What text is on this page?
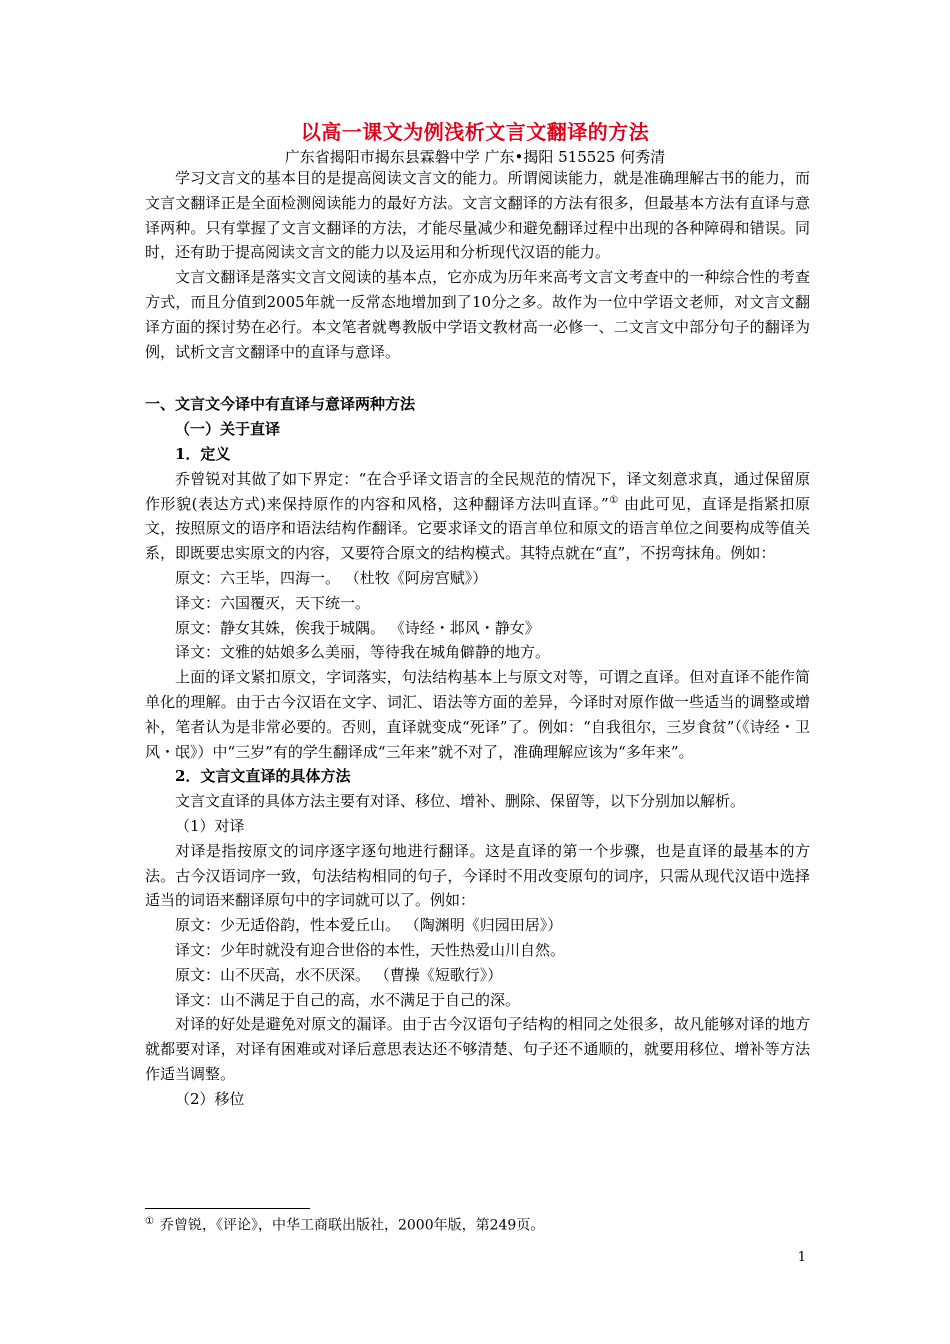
以高一课文为例浅析文言文翻译的方法
广东省揭阳市揭东县霖磐中学 广东•揭阳 515525 何秀清

学习文言文的基本目的是提高阅读文言文的能力。所谓阅读能力，就是准确理解古书的能力，而文言文翻译正是全面检测阅读能力的最好方法。文言文翻译的方法有很多，但最基本方法有直译与意译两种。只有掌握了文言文翻译的方法，才能尽量减少和避免翻译过程中出现的各种障碍和错误。同时，还有助于提高阅读文言文的能力以及运用和分析现代汉语的能力。

文言文翻译是落实文言文阅读的基本点，它亦成为历年来高考文言文考查中的一种综合性的考查方式，而且分值到2005年就一反常态地增加到了10分之多。故作为一位中学语文老师，对文言文翻译方面的探讨势在必行。本文笔者就粤教版中学语文教材高一必修一、二文言文中部分句子的翻译为例，试析文言文翻译中的直译与意译。

一、文言文今译中有直译与意译两种方法

（一）关于直译

1．定义

乔曾锐对其做了如下界定：“在合乎译文语言的全民规范的情况下，译文刻意求真，通过保留原作形貌(表达方式)来保持原作的内容和风格，这种翻译方法叫直译。”① 由此可见，直译是指紧扣原文，按照原文的语序和语法结构作翻译。它要求译文的语言单位和原文的语言单位之间要构成等值关系，即既要忠实原文的内容，又要符合原文的结构模式。其特点就在“直”，不拐弯抹角。例如：

原文：六王毕，四海一。 （杜牧《阿房宫赋》）

译文：六国覆灭，天下统一。

原文：静女其姝，俟我于城隅。 《诗经・邶风・静女》

译文：文雅的姑娘多么美丽，等待我在城角僻静的地方。

上面的译文紧扣原文，字词落实，句法结构基本上与原文对等，可谓之直译。但对直译不能作简单化的理解。由于古今汉语在文字、词汇、语法等方面的差异，今译时对原作做一些适当的调整或增补，笔者认为是非常必要的。否则，直译就变成“死译”了。例如：“自我徂尔，三岁食贫”（《诗经・卫风・氓》）中“三岁”有的学生翻译成“三年来”就不对了，准确理解应该为“多年来”。

2．文言文直译的具体方法

文言文直译的具体方法主要有对译、移位、增补、删除、保留等，以下分别加以解析。

（1）对译

对译是指按原文的词序逐字逐句地进行翻译。这是直译的第一个步骤，也是直译的最基本的方法。古今汉语词序一致，句法结构相同的句子，今译时不用改变原句的词序，只需从现代汉语中选择适当的词语来翻译原句中的字词就可以了。例如：

原文：少无适俗韵，性本爱丘山。 （陶渊明《归园田居》）

译文：少年时就没有迎合世俗的本性，天性热爱山川自然。

原文：山不厌高，水不厌深。 （曹操《短歌行》）

译文：山不满足于自己的高，水不满足于自己的深。

对译的好处是避免对原文的漏译。由于古今汉语句子结构的相同之处很多，故凡能够对译的地方就都要对译，对译有困难或对译后意思表达还不够清楚、句子还不通顺的，就要用移位、增补等方法作适当调整。

（2）移位

① 乔曾锐，《评论》，中华工商联出版社，2000年版，第249页。
1
